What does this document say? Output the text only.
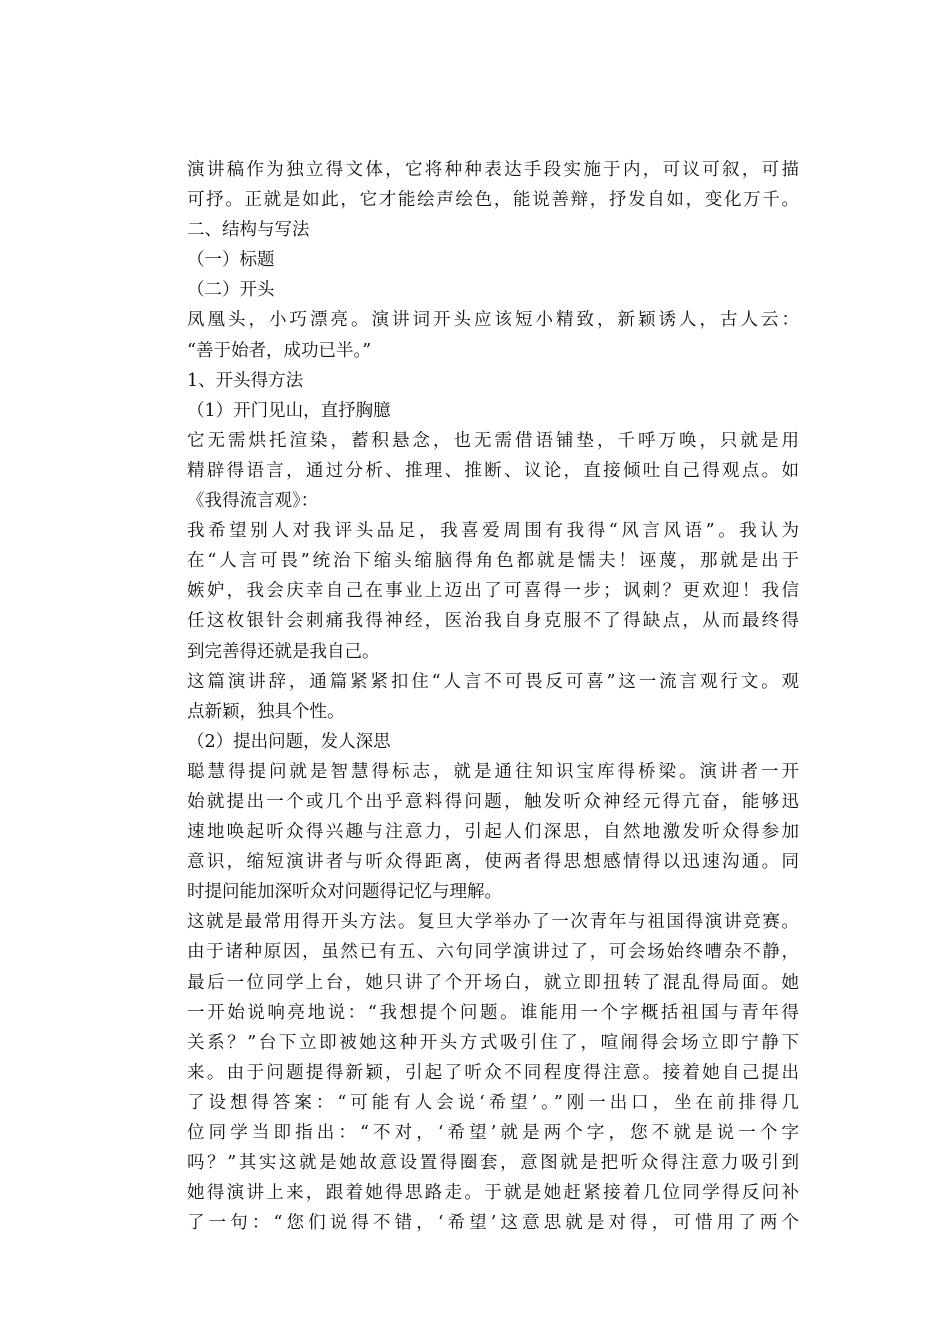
演讲稿作为独立得文体，它将种种表达手段实施于内，可议可叙，可描
可抒。正就是如此，它才能绘声绘色，能说善辩，抒发自如，变化万千。
二、结构与写法
（一）标题
（二）开头
凤凰头，小巧漂亮。演讲词开头应该短小精致，新颖诱人，古人云：
“善于始者，成功已半。”
1、开头得方法
（1）开门见山，直抒胸臆
它无需烘托渲染，蓄积悬念，也无需借语铺垫，千呼万唤，只就是用
精辟得语言，通过分析、推理、推断、议论，直接倾吐自己得观点。如
《我得流言观》：
我希望别人对我评头品足，我喜爱周围有我得“风言风语”。我认为
在“人言可畏”统治下缩头缩脑得角色都就是懦夫！诬蔑，那就是出于
嫉妒，我会庆幸自己在事业上迈出了可喜得一步；讽刺？更欢迎！我信
任这枚银针会刺痛我得神经，医治我自身克服不了得缺点，从而最终得
到完善得还就是我自己。
这篇演讲辞，通篇紧紧扣住“人言不可畏反可喜”这一流言观行文。观
点新颖，独具个性。
（2）提出问题，发人深思
聪慧得提问就是智慧得标志，就是通往知识宝库得桥梁。演讲者一开
始就提出一个或几个出乎意料得问题，触发听众神经元得亢奋，能够迅
速地唤起听众得兴趣与注意力，引起人们深思，自然地激发听众得参加
意识，缩短演讲者与听众得距离，使两者得思想感情得以迅速沟通。同
时提问能加深听众对问题得记忆与理解。
这就是最常用得开头方法。复旦大学举办了一次青年与祖国得演讲竞赛。
由于诸种原因，虽然已有五、六句同学演讲过了，可会场始终嘈杂不静，
最后一位同学上台，她只讲了个开场白，就立即扭转了混乱得局面。她
一开始说响亮地说：“我想提个问题。谁能用一个字概括祖国与青年得
关系？”台下立即被她这种开头方式吸引住了，喧闹得会场立即宁静下
来。由于问题提得新颖，引起了听众不同程度得注意。接着她自己提出
了设想得答案：“可能有人会说‘希望’。”刚一出口，坐在前排得几
位同学当即指出：“不对，‘希望’就是两个字，您不就是说一个字
吗？”其实这就是她故意设置得圈套，意图就是把听众得注意力吸引到
她得演讲上来，跟着她得思路走。于就是她赶紧接着几位同学得反问补
了一句：“您们说得不错，‘希望’这意思就是对得，可惜用了两个
